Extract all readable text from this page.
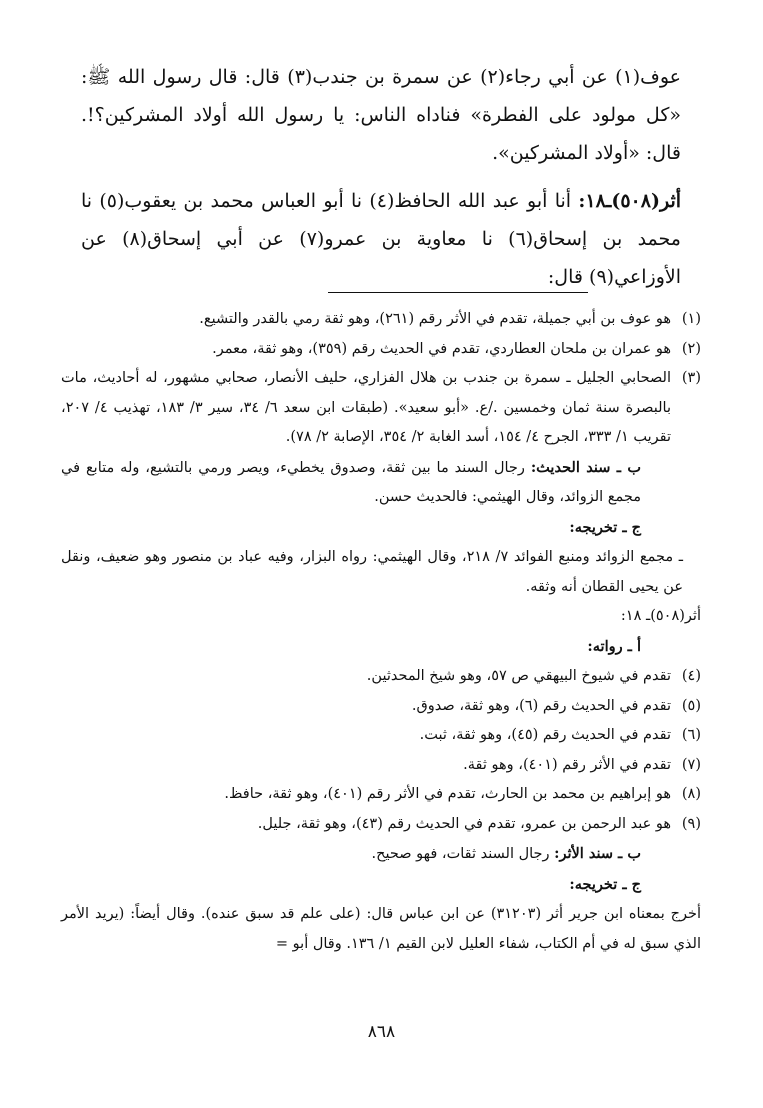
عوف(١) عن أبي رجاء(٢) عن سمرة بن جندب(٣) قال: قال رسول الله ﷺ: «كل مولود على الفطرة» فناداه الناس: يا رسول الله أولاد المشركين؟!. قال: «أولاد المشركين».

أثر(٥٠٨)ـ١٨: أنا أبو عبد الله الحافظ(٤) نا أبو العباس محمد بن يعقوب(٥) نا محمد بن إسحاق(٦) نا معاوية بن عمرو(٧) عن أبي إسحاق(٨) عن الأوزاعي(٩) قال:

(١)
هو عوف بن أبي جميلة، تقدم في الأثر رقم (٢٦١)، وهو ثقة رمي بالقدر والتشيع.
(٢)
هو عمران بن ملحان العطاردي، تقدم في الحديث رقم (٣٥٩)، وهو ثقة، معمر.
(٣)
الصحابي الجليل ـ سمرة بن جندب بن هلال الفزاري، حليف الأنصار، صحابي مشهور، له أحاديث، مات بالبصرة سنة ثمان وخمسين ./ع. «أبو سعيد». (طبقات ابن سعد ٦/ ٣٤، سير ٣/ ١٨٣، تهذيب ٤/ ٢٠٧، تقريب ١/ ٣٣٣، الجرح ٤/ ١٥٤، أسد الغابة ٢/ ٣٥٤، الإصابة ٢/ ٧٨).
ب ـ سند الحديث: رجال السند ما بين ثقة، وصدوق يخطيء، ويصر ورمي بالتشيع، وله متابع في مجمع الزوائد، وقال الهيثمي: فالحديث حسن.
ج ـ تخريجه:
ـ مجمع الزوائد ومنبع الفوائد ٧/ ٢١٨، وقال الهيثمي: رواه البزار، وفيه عباد بن منصور وهو ضعيف، ونقل عن يحيى القطان أنه وثقه.
أثر(٥٠٨)ـ ١٨:
أ ـ رواته:
(٤)
تقدم في شيوخ البيهقي ص ٥٧، وهو شيخ المحدثين.
(٥)
تقدم في الحديث رقم (٦)، وهو ثقة، صدوق.
(٦)
تقدم في الحديث رقم (٤٥)، وهو ثقة، ثبت.
(٧)
تقدم في الأثر رقم (٤٠١)، وهو ثقة.
(٨)
هو إبراهيم بن محمد بن الحارث، تقدم في الأثر رقم (٤٠١)، وهو ثقة، حافظ.
(٩)
هو عبد الرحمن بن عمرو، تقدم في الحديث رقم (٤٣)، وهو ثقة، جليل.
ب ـ سند الأثر: رجال السند ثقات، فهو صحيح.
ج ـ تخريجه:
أخرج بمعناه ابن جرير أثر (٣١٢٠٣) عن ابن عباس قال: (على علم قد سبق عنده). وقال أيضاً: (يريد الأمر الذي سبق له في أم الكتاب، شفاء العليل لابن القيم ١/ ١٣٦. وقال أبو =
٨٦٨
